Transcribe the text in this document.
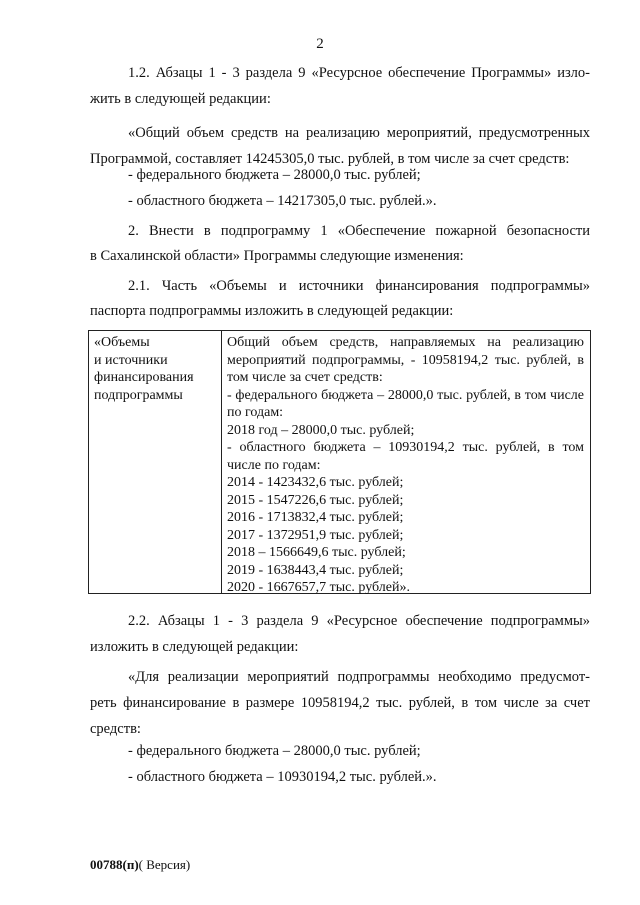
2

1.2. Абзацы 1 - 3 раздела 9 «Ресурсное обеспечение Программы» изло-

жить в следующей редакции:

«Общий объем средств на реализацию мероприятий, предусмотренных

Программой, составляет 14245305,0 тыс. рублей, в том числе за счет средств:

- федерального бюджета – 28000,0 тыс. рублей;

- областного бюджета – 14217305,0 тыс. рублей.».

2. Внести в подпрограмму 1 «Обеспечение пожарной безопасности

в Сахалинской области» Программы следующие изменения:

2.1. Часть «Объемы и источники финансирования подпрограммы»

паспорта подпрограммы изложить в следующей редакции:

«Объемы
и источники
финансирования
подпрограммы
Общий объем средств, направляемых на реализацию мероприятий подпрограммы, - 10958194,2 тыс. рублей, в том числе за счет средств:
- федерального бюджета – 28000,0 тыс. рублей, в том числе по годам:
2018 год – 28000,0 тыс. рублей;
- областного бюджета – 10930194,2 тыс. рублей, в том числе по годам:
2014 - 1423432,6 тыс. рублей;
2015 - 1547226,6 тыс. рублей;
2016 - 1713832,4 тыс. рублей;
2017 - 1372951,9 тыс. рублей;
2018 – 1566649,6 тыс. рублей;
2019 - 1638443,4 тыс. рублей;
2020 - 1667657,7 тыс. рублей».

2.2. Абзацы 1 - 3 раздела 9 «Ресурсное обеспечение подпрограммы»

изложить в следующей редакции:

«Для реализации мероприятий подпрограммы необходимо предусмот-

реть финансирование в размере 10958194,2 тыс. рублей, в том числе за счет

средств:

- федерального бюджета – 28000,0 тыс. рублей;

- областного бюджета – 10930194,2 тыс. рублей.».

00788(п)( Версия)
